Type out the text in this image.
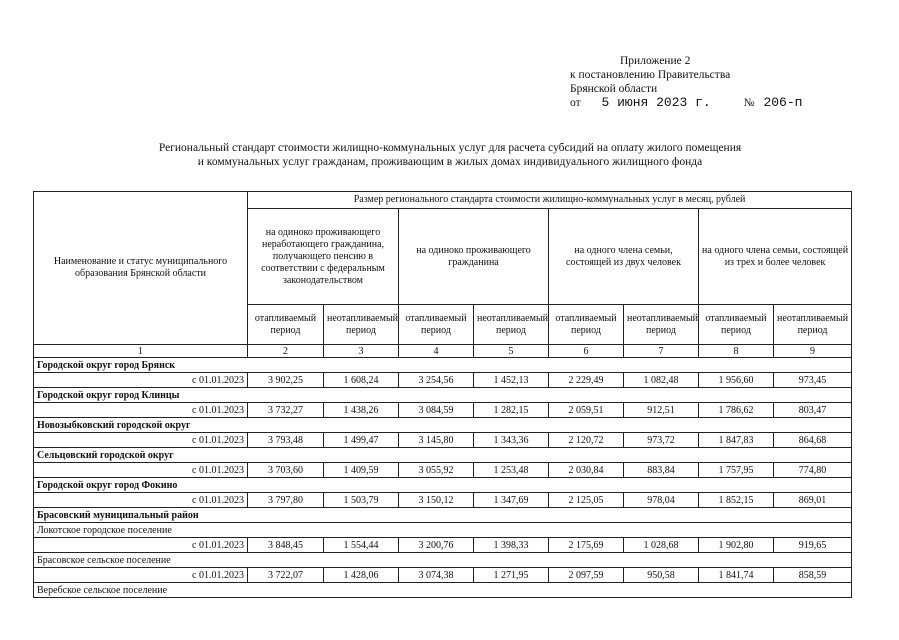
Приложение 2
к постановлению Правительства
Брянской области
от 5 июня 2023 г.	№ 206-п
Региональный стандарт стоимости жилищно-коммунальных услуг для расчета субсидий на оплату жилого помещения
и коммунальных услуг гражданам, проживающим в жилых домах индивидуального жилищного фонда
Наименование и статус муниципального образования Брянской области	Размер регионального стандарта стоимости жилищно-коммунальных услуг в месяц, рублей							
	на одиноко проживающего неработающего гражданина, получающего пенсию в соответствии с федеральным законодательством		на одиноко проживающего гражданина		на одного члена семьи, состоящей из двух человек		на одного члена семьи, состоящей из трех и более человек	
	отапливаемый период	неотапливаемый период	отапливаемый период	неотапливаемый период	отапливаемый период	неотапливаемый период	отапливаемый период	неотапливаемый период
1	2	3	4	5	6	7	8	9
Городской округ город Брянск								
с 01.01.2023	3 902,25	1 608,24	3 254,56	1 452,13	2 229,49	1 082,48	1 956,60	973,45
Городской округ город Клинцы								
с 01.01.2023	3 732,27	1 438,26	3 084,59	1 282,15	2 059,51	912,51	1 786,62	803,47
Новозыбковский городской округ								
с 01.01.2023	3 793,48	1 499,47	3 145,80	1 343,36	2 120,72	973,72	1 847,83	864,68
Сельцовский городской округ								
с 01.01.2023	3 703,60	1 409,59	3 055,92	1 253,48	2 030,84	883,84	1 757,95	774,80
Городской округ город Фокино								
с 01.01.2023	3 797,80	1 503,79	3 150,12	1 347,69	2 125,05	978,04	1 852,15	869,01
Брасовский муниципальный район								
Локотское городское поселение								
с 01.01.2023	3 848,45	1 554,44	3 200,76	1 398,33	2 175,69	1 028,68	1 902,80	919,65
Брасовское сельское поселение								
с 01.01.2023	3 722,07	1 428,06	3 074,38	1 271,95	2 097,59	950,58	1 841,74	858,59
Веpебское сельское поселение								
